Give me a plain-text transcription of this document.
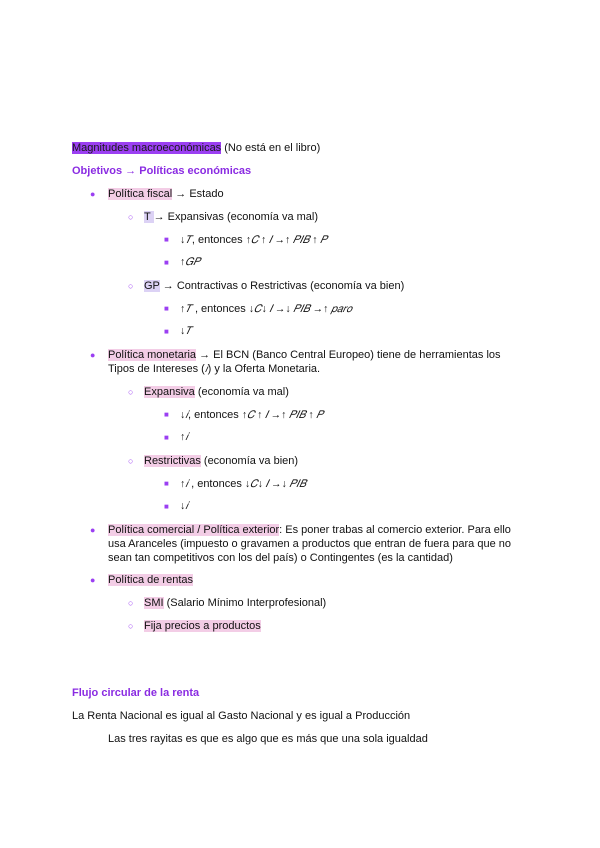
Magnitudes macroeconómicas (No está en el libro)
Objetivos → Políticas económicas
● Política fiscal → Estado
○ T → Expansivas (economía va mal)
■ ↓𝑇, entonces ↑𝐶 ↑ 𝐼 →↑ 𝑃𝐼𝐵 ↑ 𝑃
■ ↑𝐺𝑃
○ GP → Contractivas o Restrictivas (economía va bien)
■ ↑𝑇 , entonces ↓𝐶↓ 𝐼 →↓ 𝑃𝐼𝐵 →↑ 𝑝𝑎𝑟𝑜
■ ↓𝑇
● Política monetaria → El BCN (Banco Central Europeo) tiene de herramientas los
Tipos de Intereses (𝑖) y la Oferta Monetaria.
○ Expansiva (economía va mal)
■ ↓𝑖, entonces ↑𝐶 ↑ 𝐼 →↑ 𝑃𝐼𝐵 ↑ 𝑃
■ ↑𝑖
○ Restrictivas (economía va bien)
■ ↑𝑖 , entonces ↓𝐶↓ 𝐼 →↓ 𝑃𝐼𝐵
■ ↓𝑖
● Política comercial / Política exterior: Es poner trabas al comercio exterior. Para ello
usa Aranceles (impuesto o gravamen a productos que entran de fuera para que no
sean tan competitivos con los del país) o Contingentes (es la cantidad)
● Política de rentas
○ SMI (Salario Mínimo Interprofesional)
○ Fija precios a productos
Flujo circular de la renta
La Renta Nacional es igual al Gasto Nacional y es igual a Producción
Las tres rayitas es que es algo que es más que una sola igualdad
